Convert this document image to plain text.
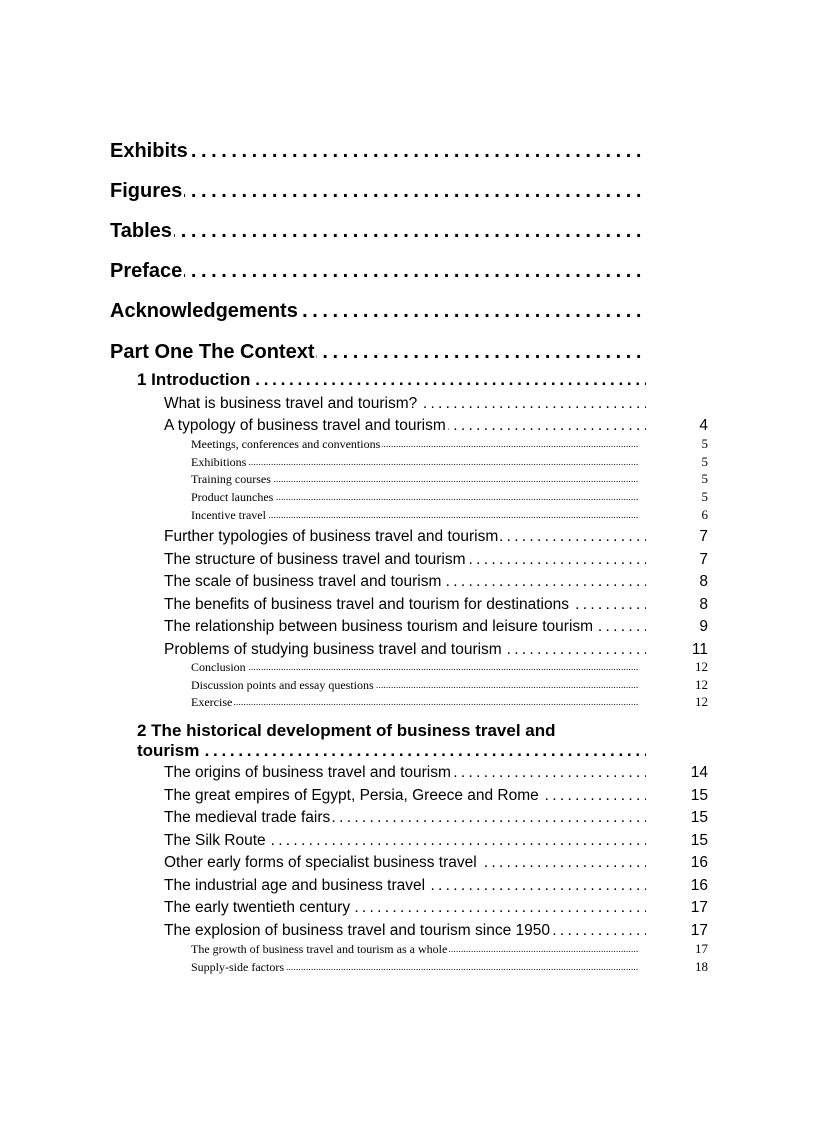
Exhibits . . .
Figures . . .
Tables . . .
Preface . . .
Acknowledgements . . .
Part One The Context . . .
1 Introduction . . .
What is business travel and tourism? . . .
A typology of business travel and tourism . . .	4
Meetings, conferences and conventions . . .	5
Exhibitions . . .	5
Training courses . . .	5
Product launches . . .	5
Incentive travel . . .	6
Further typologies of business travel and tourism . . .	7
The structure of business travel and tourism . . .	7
The scale of business travel and tourism . . .	8
The benefits of business travel and tourism for destinations . . .	8
The relationship between business tourism and leisure tourism . . .	9
Problems of studying business travel and tourism . . .	11
Conclusion . . .	12
Discussion points and essay questions . . .	12
Exercise . . .	12
2 The historical development of business travel and
tourism . . .
The origins of business travel and tourism . . .	14
The great empires of Egypt, Persia, Greece and Rome . . .	15
The medieval trade fairs . . .	15
The Silk Route . . .	15
Other early forms of specialist business travel . . .	16
The industrial age and business travel . . .	16
The early twentieth century . . .	17
The explosion of business travel and tourism since 1950 . . .	17
The growth of business travel and tourism as a whole . . .	17
Supply-side factors . . .	18
